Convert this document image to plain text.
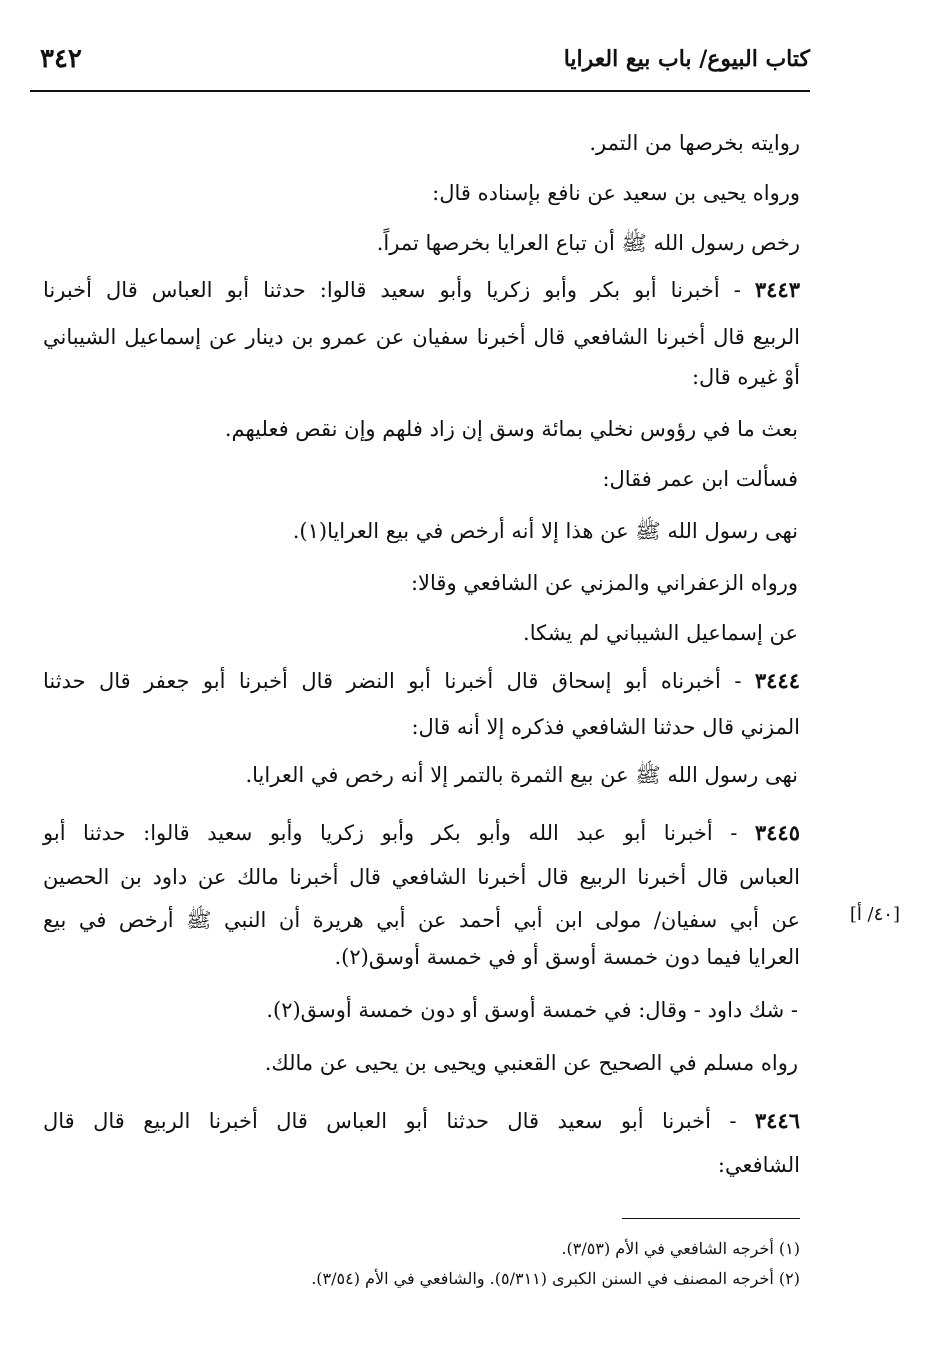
كتاب البيوع/ باب بيع العرايا
٣٤٢
روايته بخرصها من التمر.
ورواه يحيى بن سعيد عن نافع بإسناده قال:
رخص رسول الله ﷺ أن تباع العرايا بخرصها تمراً.
٣٤٤٣ - أخبرنا أبو بكر وأبو زكريا وأبو سعيد قالوا: حدثنا أبو العباس قال أخبرنا
الربيع قال أخبرنا الشافعي قال أخبرنا سفيان عن عمرو بن دينار عن إسماعيل الشيباني
أوْ غيره قال:
بعث ما في رؤوس نخلي بمائة وسق إن زاد فلهم وإن نقص فعليهم.
فسألت ابن عمر فقال:
نهى رسول الله ﷺ عن هذا إلا أنه أرخص في بيع العرايا(١).
ورواه الزعفراني والمزني عن الشافعي وقالا:
عن إسماعيل الشيباني لم يشكا.
٣٤٤٤ - أخبرناه أبو إسحاق قال أخبرنا أبو النضر قال أخبرنا أبو جعفر قال حدثنا
المزني قال حدثنا الشافعي فذكره إلا أنه قال:
نهى رسول الله ﷺ عن بيع الثمرة بالتمر إلا أنه رخص في العرايا.
٣٤٤٥ - أخبرنا أبو عبد الله وأبو بكر وأبو زكريا وأبو سعيد قالوا: حدثنا أبو
العباس قال أخبرنا الربيع قال أخبرنا الشافعي قال أخبرنا مالك عن داود بن الحصين
عن أبي سفيان/ مولى ابن أبي أحمد عن أبي هريرة أن النبي ﷺ أرخص في بيع
العرايا فيما دون خمسة أوسق أو في خمسة أوسق(٢).
[٤٠/ أ]
- شك داود - وقال: في خمسة أوسق أو دون خمسة أوسق(٢).
رواه مسلم في الصحيح عن القعنبي ويحيى بن يحيى عن مالك.
٣٤٤٦ - أخبرنا أبو سعيد قال حدثنا أبو العباس قال أخبرنا الربيع قال قال
الشافعي:
(١) أخرجه الشافعي في الأم (٣/٥٣).
(٢) أخرجه المصنف في السنن الكبرى (٥/٣١١). والشافعي في الأم (٣/٥٤).
